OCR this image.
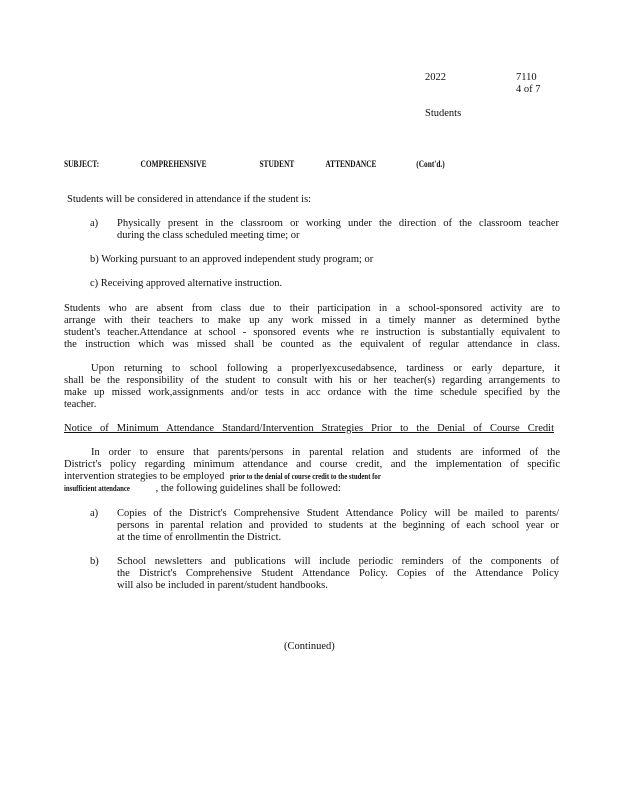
2022	7110
4 of 7
Students
SUBJECT:	COMPREHENSIVE	STUDENT	ATTENDANCE	(Cont'd.)
Students will be considered in attendance if the student is:
a) Physically present in the classroom or working under the direction of the classroom teacher
during the class scheduled meeting time; or
b) Working pursuant to an approved independent study program; or
c) Receiving approved alternative instruction.
Students who are absent from class due to their participation in a school-sponsored activity are to
arrange with their teachers to make up any work missed in a timely manner as determined bythe
student's teacher.Attendance at school - sponsored events whe re instruction is substantially equivalent to
the instruction which was missed shall be counted as the equivalent of regular attendance in class.
Upon returning to school following a properlyexcusedabsence, tardiness or early departure, it
shall be the responsibility of the student to consult with his or her teacher(s) regarding arrangements to
make up missed work,assignments and/or tests in acc ordance with the time schedule specified by the
teacher.
Notice of Minimum Attendance Standard/Intervention Strategies Prior to the Denial of Course Credit
In order to ensure that parents/persons in parental relation and students are informed of the
District's policy regarding minimum attendance and course credit, and the implementation of specific
intervention strategies to be employed prior to the denial of course credit to the student for
insufficient attendance , the following guidelines shall be followed:
a) Copies of the District's Comprehensive Student Attendance Policy will be mailed to parents/
persons in parental relation and provided to students at the beginning of each school year or
at the time of enrollmentin the District.
b) School newsletters and publications will include periodic reminders of the components of
the District's Comprehensive Student Attendance Policy. Copies of the Attendance Policy
will also be included in parent/student handbooks.
(Continued)
